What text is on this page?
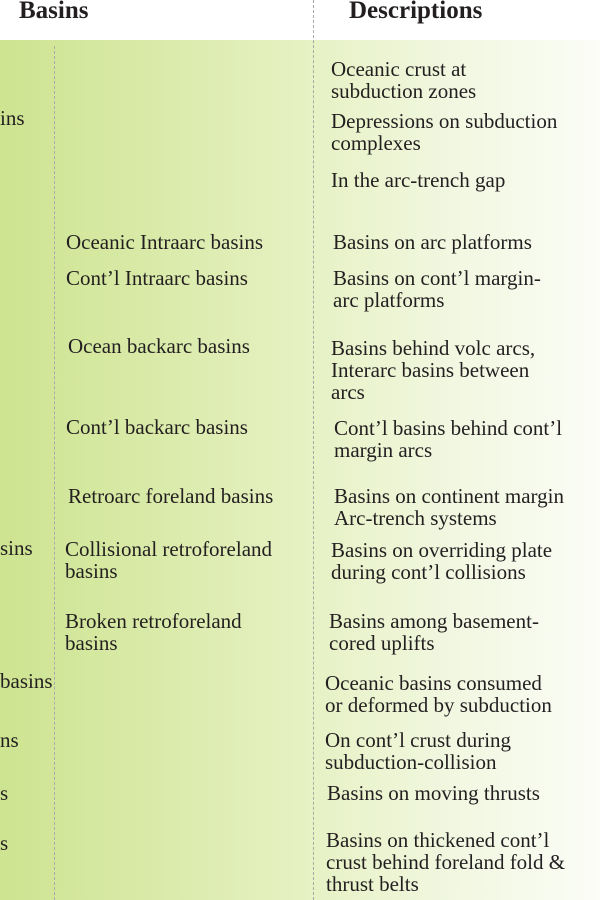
Basins	Descriptions
ins
sins
basins
ns
s
s
Oceanic Intraarc basins
Cont’l Intraarc basins
Ocean backarc basins
Cont’l backarc basins
Retroarc foreland basins
Collisional retroforeland
basins
Broken retroforeland
basins
Oceanic crust at
subduction zones
Depressions on subduction
complexes
In the arc-trench gap
Basins on arc platforms
Basins on cont’l margin-
arc platforms
Basins behind volc arcs,
Interarc basins between
arcs
Cont’l basins behind cont’l
margin arcs
Basins on continent margin
Arc-trench systems
Basins on overriding plate
during cont’l collisions
Basins among basement-
cored uplifts
Oceanic basins consumed
or deformed by subduction
On cont’l crust during
subduction-collision
Basins on moving thrusts
Basins on thickened cont’l
crust behind foreland fold &
thrust belts
